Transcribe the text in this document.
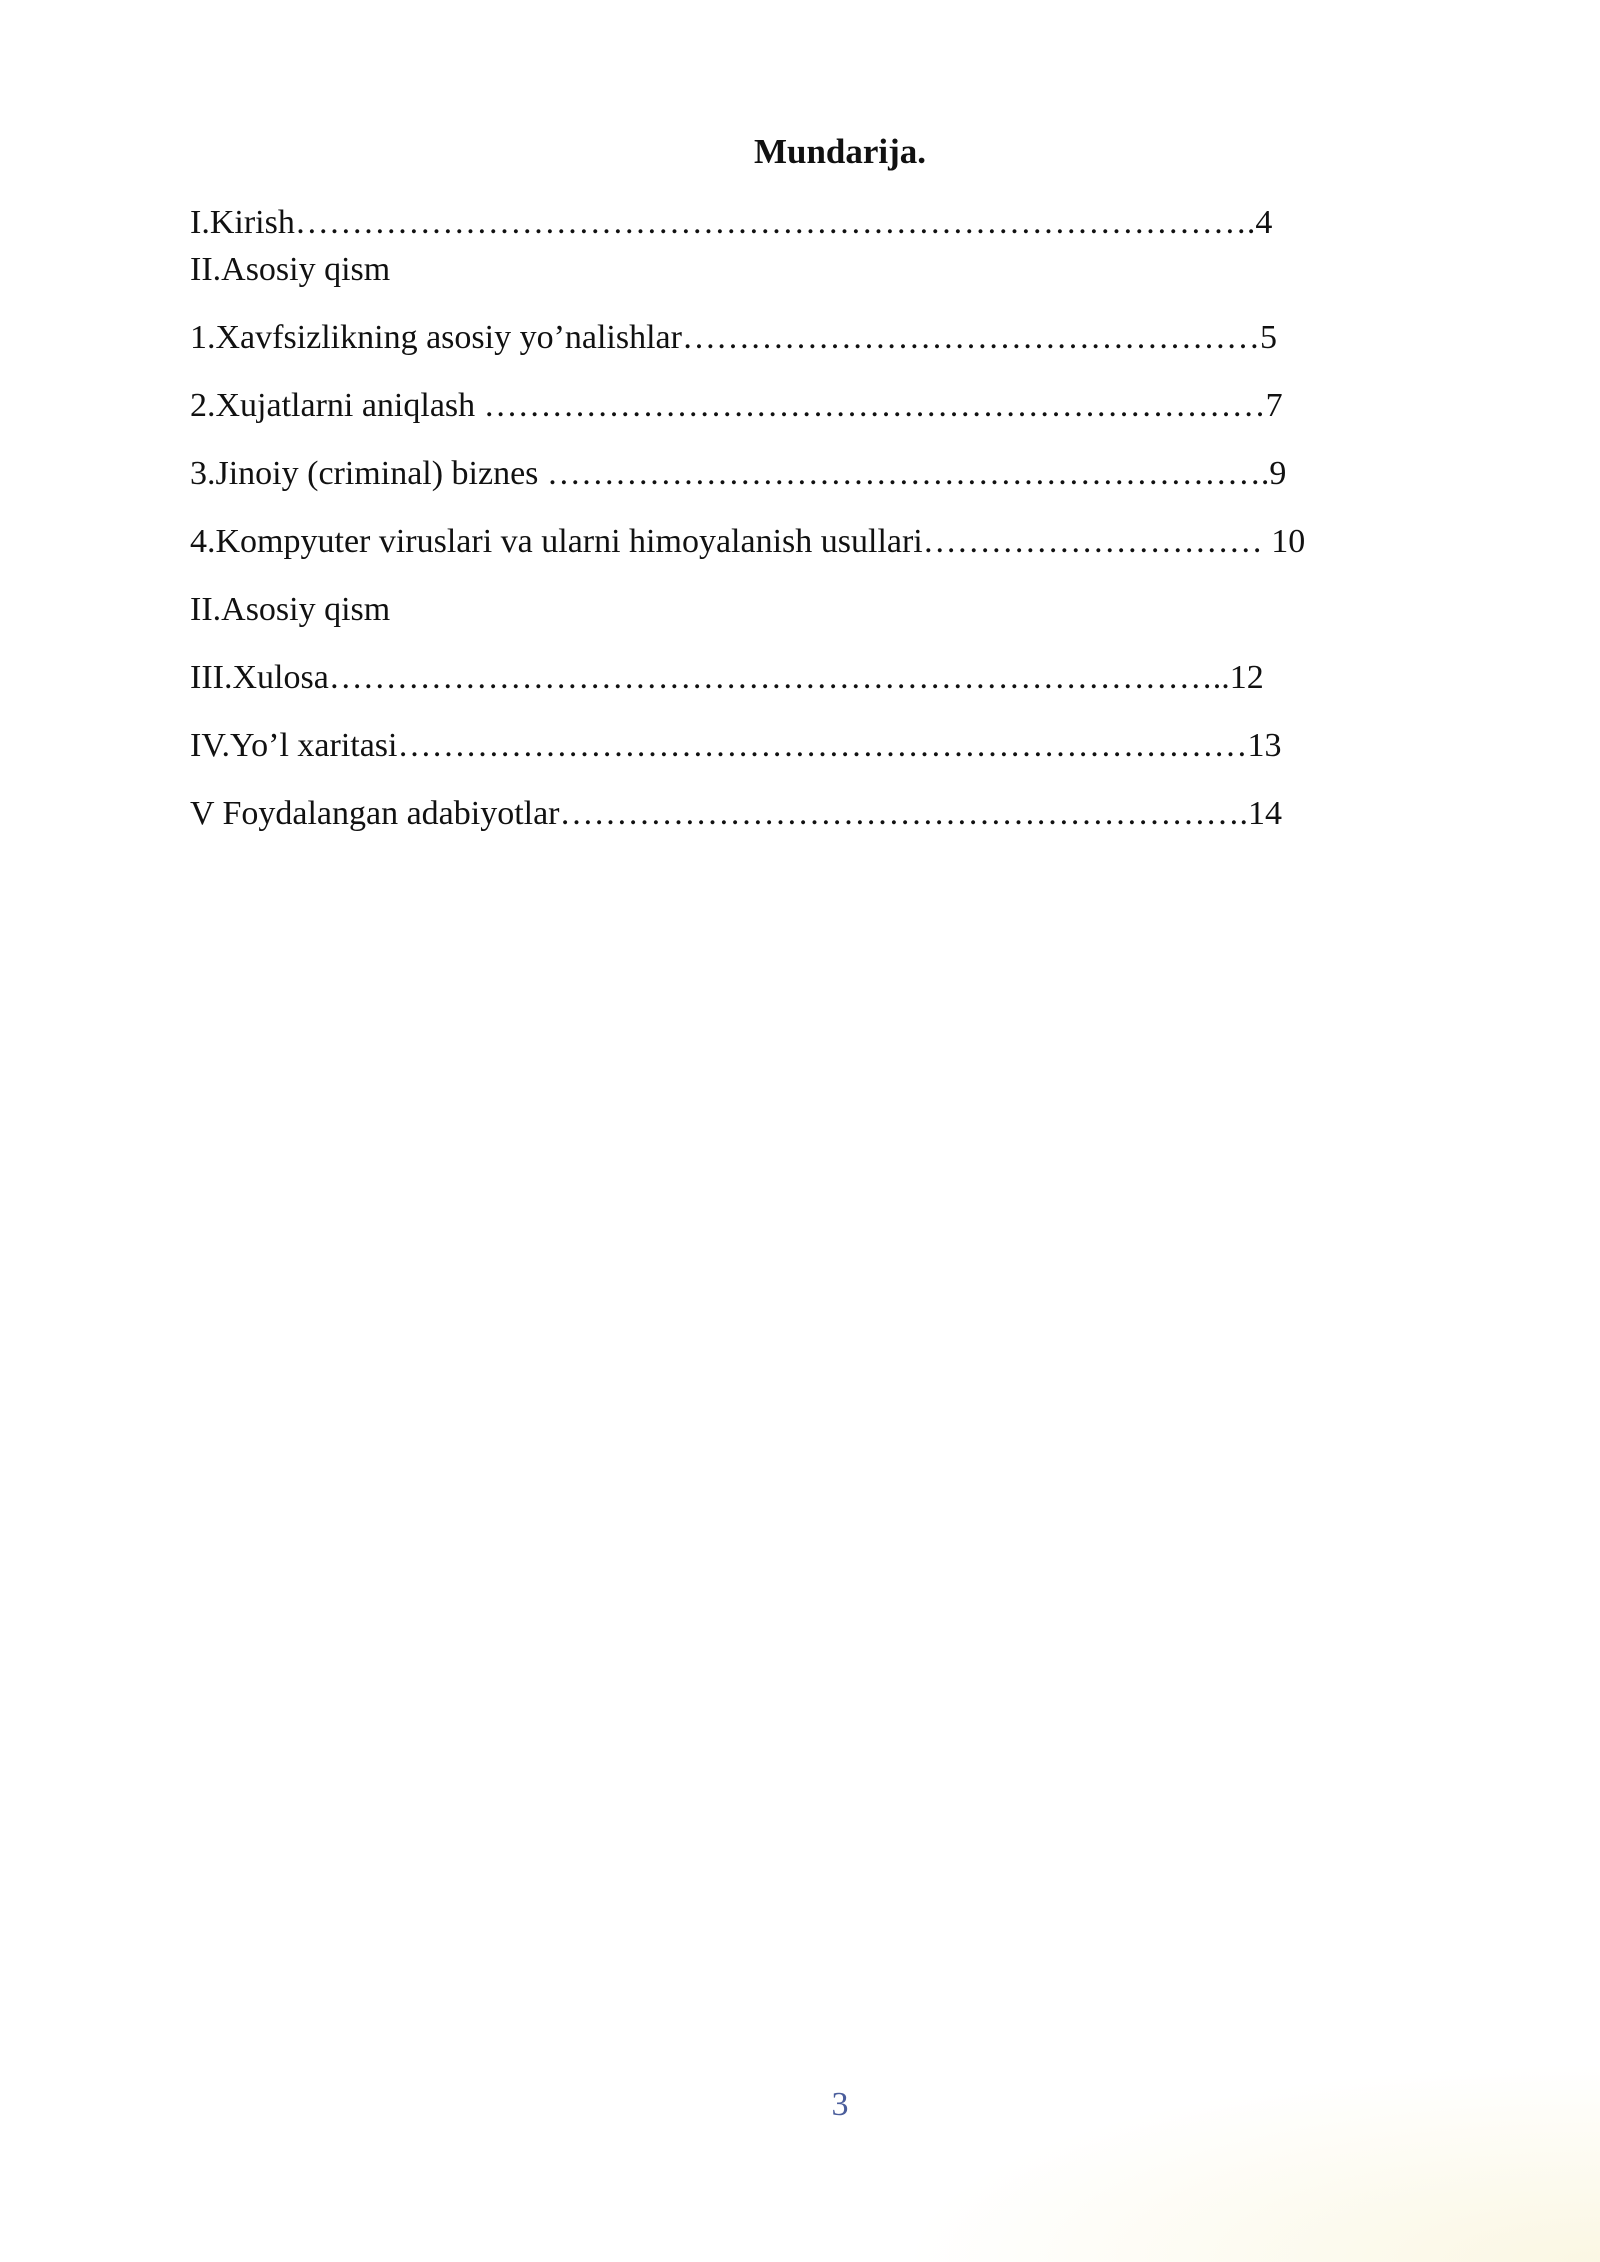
Mundarija.
I.Kirish………………………………………………………………………….4
II.Asosiy qism
1.Xavfsizlikning asosiy yo’nalishlar……………………………………………5
2.Xujatlarni aniqlash ……………………………………………………………7
3.Jinoiy (criminal) biznes ……………………………………………………….9
4.Kompyuter viruslari va ularni himoyalanish usullari………………………… 10
II.Asosiy qism
III.Xulosa……………………………………………………………………..12
IV.Yo’l xaritasi…………………………………………………………………13
V Foydalangan adabiyotlar…………………………………………………….14
3
